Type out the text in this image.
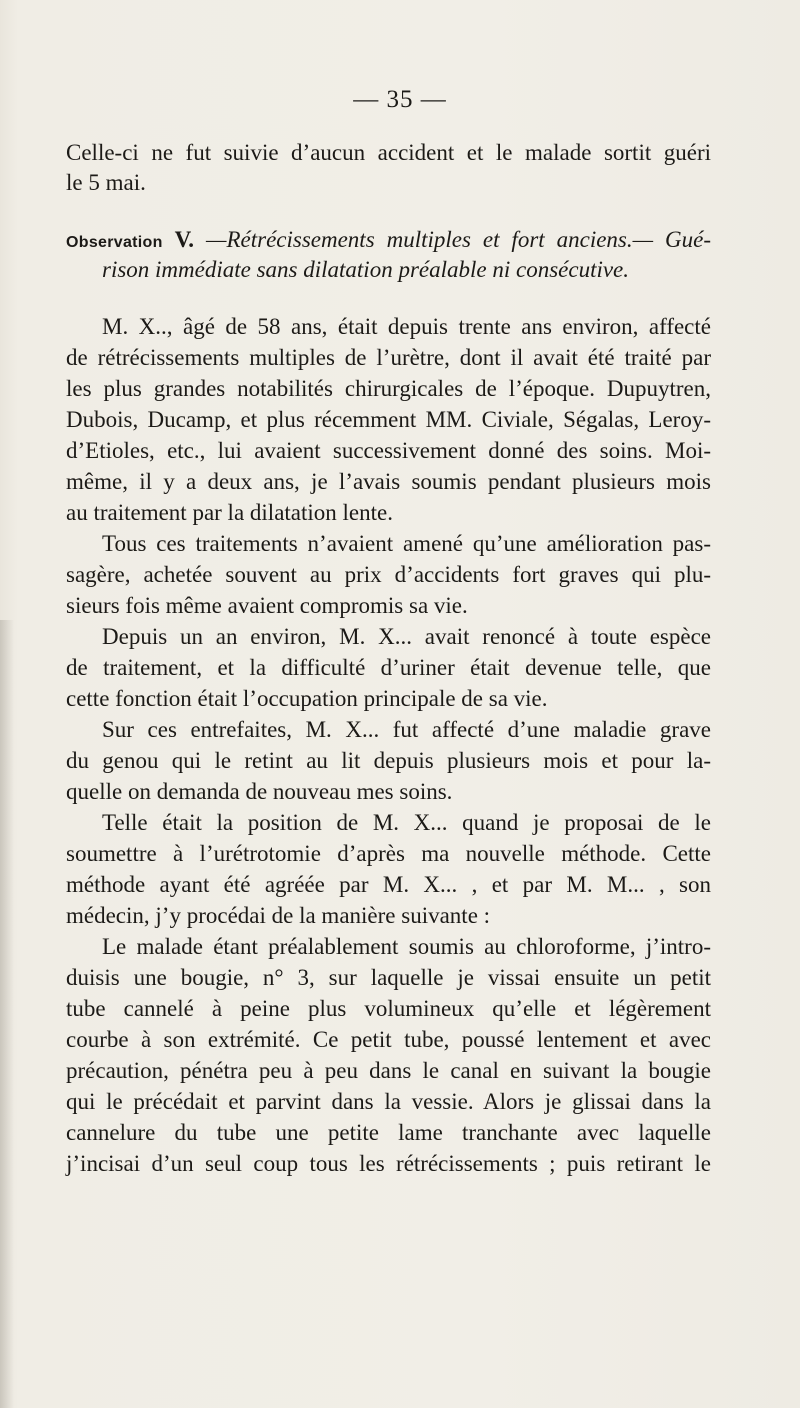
— 35 —
Celle-ci ne fut suivie d’aucun accident et le malade sortit guéri
le 5 mai.
Observation V. —Rétrécissements multiples et fort anciens.— Gué-
rison immédiate sans dilatation préalable ni consécutive.
M. X.., âgé de 58 ans, était depuis trente ans environ, affecté
de rétrécissements multiples de l’urètre, dont il avait été traité par
les plus grandes notabilités chirurgicales de l’époque. Dupuytren,
Dubois, Ducamp, et plus récemment MM. Civiale, Ségalas, Leroy-
d’Etioles, etc., lui avaient successivement donné des soins. Moi-
même, il y a deux ans, je l’avais soumis pendant plusieurs mois
au traitement par la dilatation lente.
Tous ces traitements n’avaient amené qu’une amélioration pas-
sagère, achetée souvent au prix d’accidents fort graves qui plu-
sieurs fois même avaient compromis sa vie.
Depuis un an environ, M. X... avait renoncé à toute espèce
de traitement, et la difficulté d’uriner était devenue telle, que
cette fonction était l’occupation principale de sa vie.
Sur ces entrefaites, M. X... fut affecté d’une maladie grave
du genou qui le retint au lit depuis plusieurs mois et pour la-
quelle on demanda de nouveau mes soins.
Telle était la position de M. X... quand je proposai de le
soumettre à l’urétrotomie d’après ma nouvelle méthode. Cette
méthode ayant été agréée par M. X... , et par M. M... , son
médecin, j’y procédai de la manière suivante :
Le malade étant préalablement soumis au chloroforme, j’intro-
duisis une bougie, n° 3, sur laquelle je vissai ensuite un petit
tube cannelé à peine plus volumineux qu’elle et légèrement
courbe à son extrémité. Ce petit tube, poussé lentement et avec
précaution, pénétra peu à peu dans le canal en suivant la bougie
qui le précédait et parvint dans la vessie. Alors je glissai dans la
cannelure du tube une petite lame tranchante avec laquelle
j’incisai d’un seul coup tous les rétrécissements ; puis retirant le
